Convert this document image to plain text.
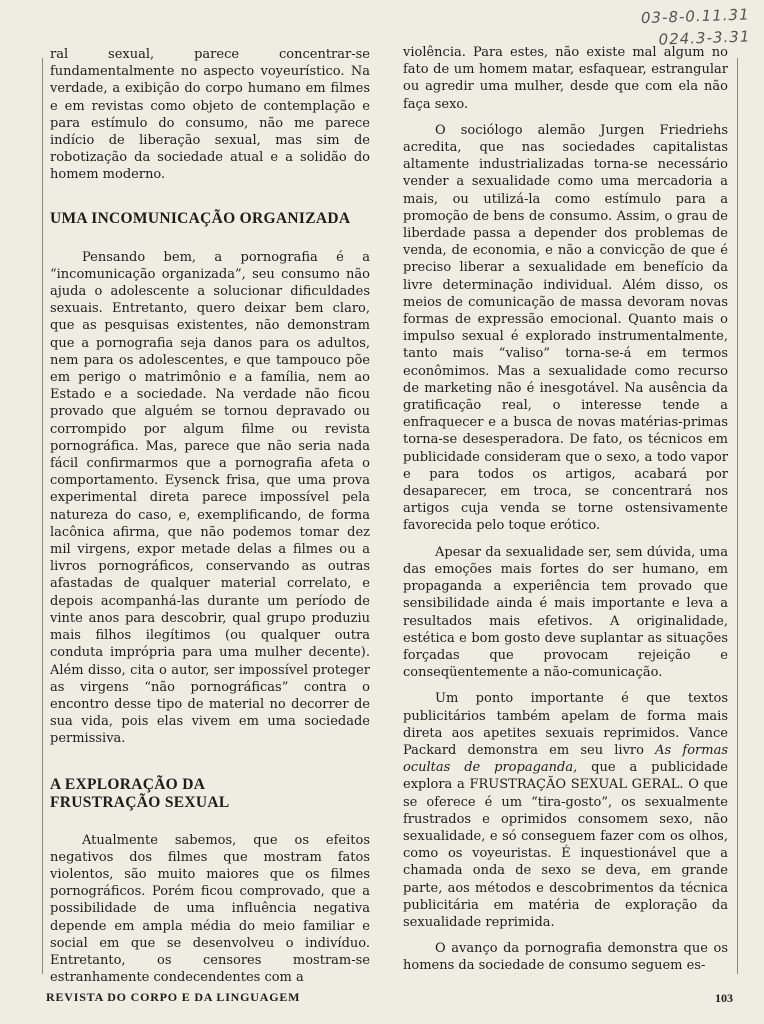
03-8-0.11.31
024.3-3.31

ral sexual, parece concentrar-se fundamentalmente no aspecto voyeurístico. Na verdade, a exibição do corpo humano em filmes e em revistas como objeto de contemplação e para estímulo do consumo, não me parece indício de liberação sexual, mas sim de robotização da sociedade atual e a solidão do homem moderno.

UMA INCOMUNICAÇÃO ORGANIZADA

Pensando bem, a pornografia é a “incomunicação organizada”, seu consumo não ajuda o adolescente a solucionar dificuldades sexuais. Entretanto, quero deixar bem claro, que as pesquisas existentes, não demonstram que a pornografia seja danos para os adultos, nem para os adolescentes, e que tampouco põe em perigo o matrimônio e a família, nem ao Estado e a sociedade. Na verdade não ficou provado que alguém se tornou depravado ou corrompido por algum filme ou revista pornográfica. Mas, parece que não seria nada fácil confirmarmos que a pornografia afeta o comportamento. Eysenck frisa, que uma prova experimental direta parece impossível pela natureza do caso, e, exemplificando, de forma lacônica afirma, que não podemos tomar dez mil virgens, expor metade delas a filmes ou a livros pornográficos, conservando as outras afastadas de qualquer material correlato, e depois acompanhá-las durante um período de vinte anos para descobrir, qual grupo produziu mais filhos ilegítimos (ou qualquer outra conduta imprópria para uma mulher decente). Além disso, cita o autor, ser impossível proteger as virgens “não pornográficas” contra o encontro desse tipo de material no decorrer de sua vida, pois elas vivem em uma sociedade permissiva.

A EXPLORAÇÃO DA
FRUSTRAÇÃO SEXUAL

Atualmente sabemos, que os efeitos negativos dos filmes que mostram fatos violentos, são muito maiores que os filmes pornográficos. Porém ficou comprovado, que a possibilidade de uma influência negativa depende em ampla média do meio familiar e social em que se desenvolveu o indivíduo. Entretanto, os censores mostram-se estranhamente condecendentes com a

violência. Para estes, não existe mal algum no fato de um homem matar, esfaquear, estrangular ou agredir uma mulher, desde que com ela não faça sexo.

O sociólogo alemão Jurgen Friedriehs acredita, que nas sociedades capitalistas altamente industrializadas torna-se necessário vender a sexualidade como uma mercadoria a mais, ou utilizá-la como estímulo para a promoção de bens de consumo. Assim, o grau de liberdade passa a depender dos problemas de venda, de economia, e não a convicção de que é preciso liberar a sexualidade em benefício da livre determinação individual. Além disso, os meios de comunicação de massa devoram novas formas de expressão emocional. Quanto mais o impulso sexual é explorado instrumentalmente, tanto mais “valiso” torna-se-á em termos econômimos. Mas a sexualidade como recurso de marketing não é inesgotável. Na ausência da gratificação real, o interesse tende a enfraquecer e a busca de novas matérias-primas torna-se desesperadora. De fato, os técnicos em publicidade consideram que o sexo, a todo vapor e para todos os artigos, acabará por desaparecer, em troca, se concentrará nos artigos cuja venda se torne ostensivamente favorecida pelo toque erótico.

Apesar da sexualidade ser, sem dúvida, uma das emoções mais fortes do ser humano, em propaganda a experiência tem provado que sensibilidade ainda é mais importante e leva a resultados mais efetivos. A originalidade, estética e bom gosto deve suplantar as situações forçadas que provocam rejeição e conseqüentemente a não-comunicação.

Um ponto importante é que textos publicitários também apelam de forma mais direta aos apetites sexuais reprimidos. Vance Packard demonstra em seu livro As formas ocultas de propaganda, que a publicidade explora a FRUSTRAÇÃO SEXUAL GERAL. O que se oferece é um “tira-gosto”, os sexualmente frustrados e oprimidos consomem sexo, não sexualidade, e só conseguem fazer com os olhos, como os voyeuristas. É inquestionável que a chamada onda de sexo se deva, em grande parte, aos métodos e descobrimentos da técnica publicitária em matéria de exploração da sexualidade reprimida.

O avanço da pornografia demonstra que os homens da sociedade de consumo seguem es-

REVISTA DO CORPO E DA LINGUAGEM	103
